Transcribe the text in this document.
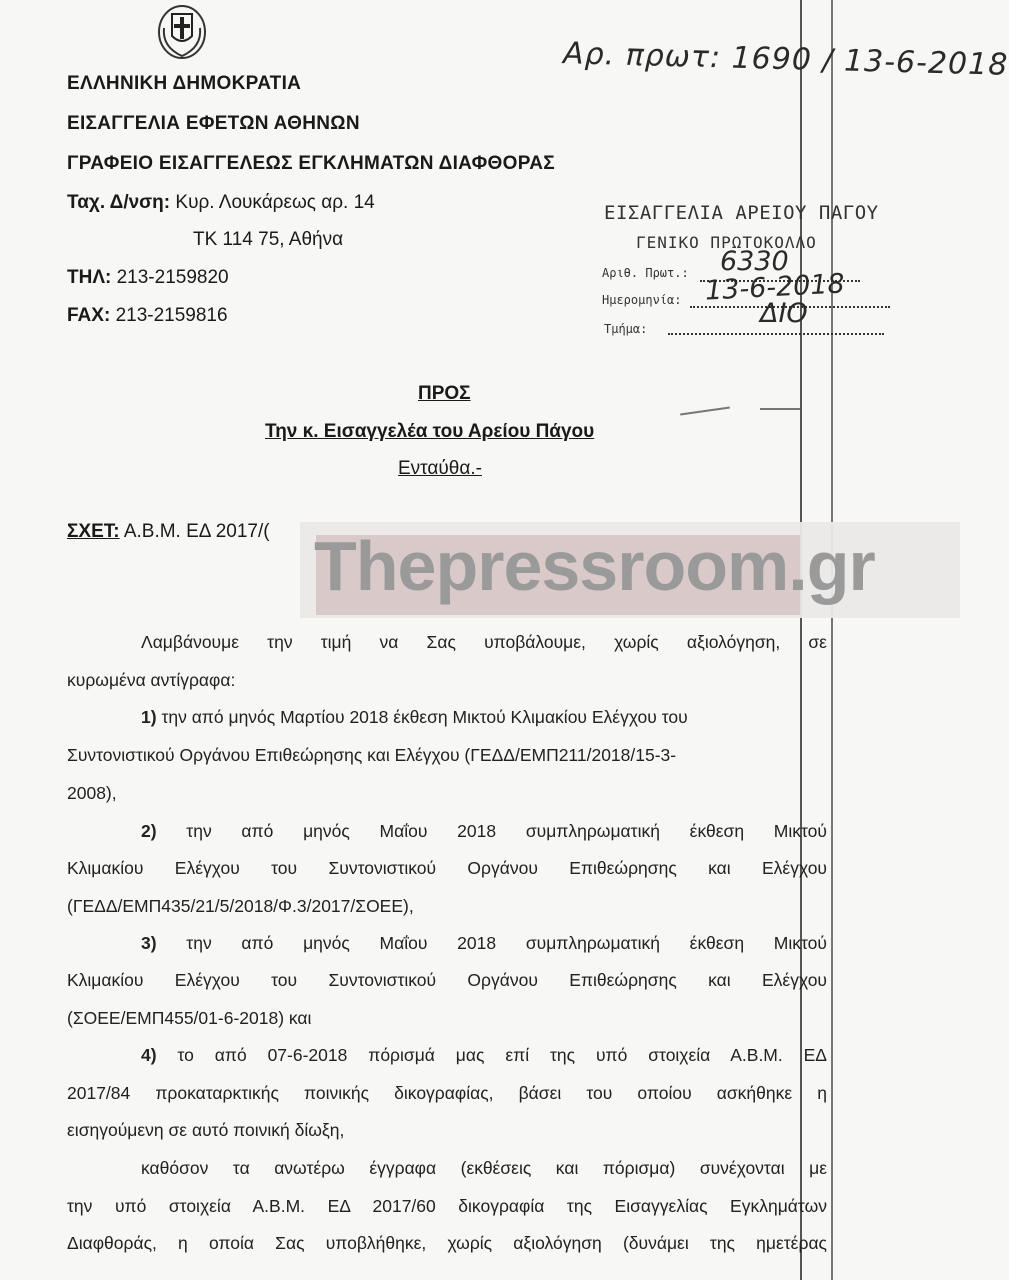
ΕΛΛΗΝΙΚΗ ΔΗΜΟΚΡΑΤΙΑ
ΕΙΣΑΓΓΕΛΙΑ ΕΦΕΤΩΝ ΑΘΗΝΩΝ
ΓΡΑΦΕΙΟ ΕΙΣΑΓΓΕΛΕΩΣ ΕΓΚΛΗΜΑΤΩΝ ΔΙΑΦΘΟΡΑΣ
Ταχ. Δ/νση: Κυρ. Λουκάρεως αρ. 14
ΤΚ 114 75, Αθήνα
ΤΗΛ: 213-2159820
FAX: 213-2159816
Αρ. πρωτ: 1690 / 13-6-2018
ΕΙΣΑΓΓΕΛΙΑ ΑΡΕΙΟΥ ΠΑΓΟΥ
ΓΕΝΙΚΟ ΠΡΩΤΟΚΟΛΛΟ
Αριθ. Πρωτ.: 6330
Ημερομηνία: 13-6-2018
Τμήμα:	ΔΙΟ
ΠΡΟΣ
Την κ. Εισαγγελέα του Αρείου Πάγου
Ενταύθα.-
ΣΧΕΤ: Α.Β.Μ. ΕΔ 2017/( Thepressroom.gr
Λαμβάνουμε την τιμή να Σας υποβάλουμε, χωρίς αξιολόγηση, σε
κυρωμένα αντίγραφα:
1) την από μηνός Μαρτίου 2018 έκθεση Μικτού Κλιμακίου Ελέγχου του
Συντονιστικού Οργάνου Επιθεώρησης και Ελέγχου (ΓΕΔΔ/ΕΜΠ211/2018/15-3-
2008),
2) την από μηνός Μαΐου 2018 συμπληρωματική έκθεση Μικτού
Κλιμακίου Ελέγχου του Συντονιστικού Οργάνου Επιθεώρησης και Ελέγχου
(ΓΕΔΔ/ΕΜΠ435/21/5/2018/Φ.3/2017/ΣΟΕΕ),
3) την από μηνός Μαΐου 2018 συμπληρωματική έκθεση Μικτού
Κλιμακίου Ελέγχου του Συντονιστικού Οργάνου Επιθεώρησης και Ελέγχου
(ΣΟΕΕ/ΕΜΠ455/01-6-2018) και
4) το από 07-6-2018 πόρισμά μας επί της υπό στοιχεία Α.Β.Μ. ΕΔ
2017/84 προκαταρκτικής ποινικής δικογραφίας, βάσει του οποίου ασκήθηκε η
εισηγούμενη σε αυτό ποινική δίωξη,
καθόσον τα ανωτέρω έγγραφα (εκθέσεις και πόρισμα) συνέχονται με
την υπό στοιχεία Α.Β.Μ. ΕΔ 2017/60 δικογραφία της Εισαγγελίας Εγκλημάτων
Διαφθοράς, η οποία Σας υποβλήθηκε, χωρίς αξιολόγηση (δυνάμει της ημετέρας
